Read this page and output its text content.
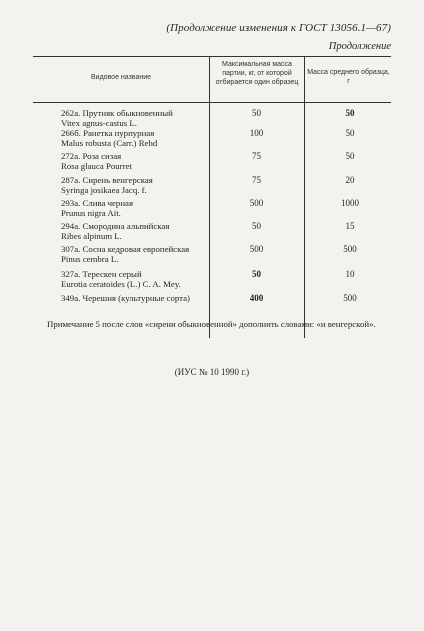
(Продолжение изменения к ГОСТ 13056.1—67)
Продолжение
Видовое название
Максимальная масса партии, кг, от которой отбирается один образец
Масса среднего образца, г
262а. Прутняк обыкновенный
Vitex agnus-castus L.
50	50
266б. Ранетка пурпурная
Malus robusta (Carr.) Rehd
100	50
272а. Роза сизая
Rosa glauca Pourret
75	50
287а. Сирень венгерская
Syringa josikaea Jacq. f.
75	20
293а. Слива черная
Prunus nigra Ait.
500	1000
294а. Смородина альпийская
Ribes alpinum L.
50	15
307а. Сосна кедровая европейская
Pinus cembra L.
500	500
327а. Терескен серый
Eurotia ceratoides (L.) C. A. Mey.
50	10
349а. Черешня (культурные сорта)	400	500
Примечание 5 после слов «сирени обыкновенной» дополнить словами: «и венгерской».
(ИУС № 10 1990 г.)
